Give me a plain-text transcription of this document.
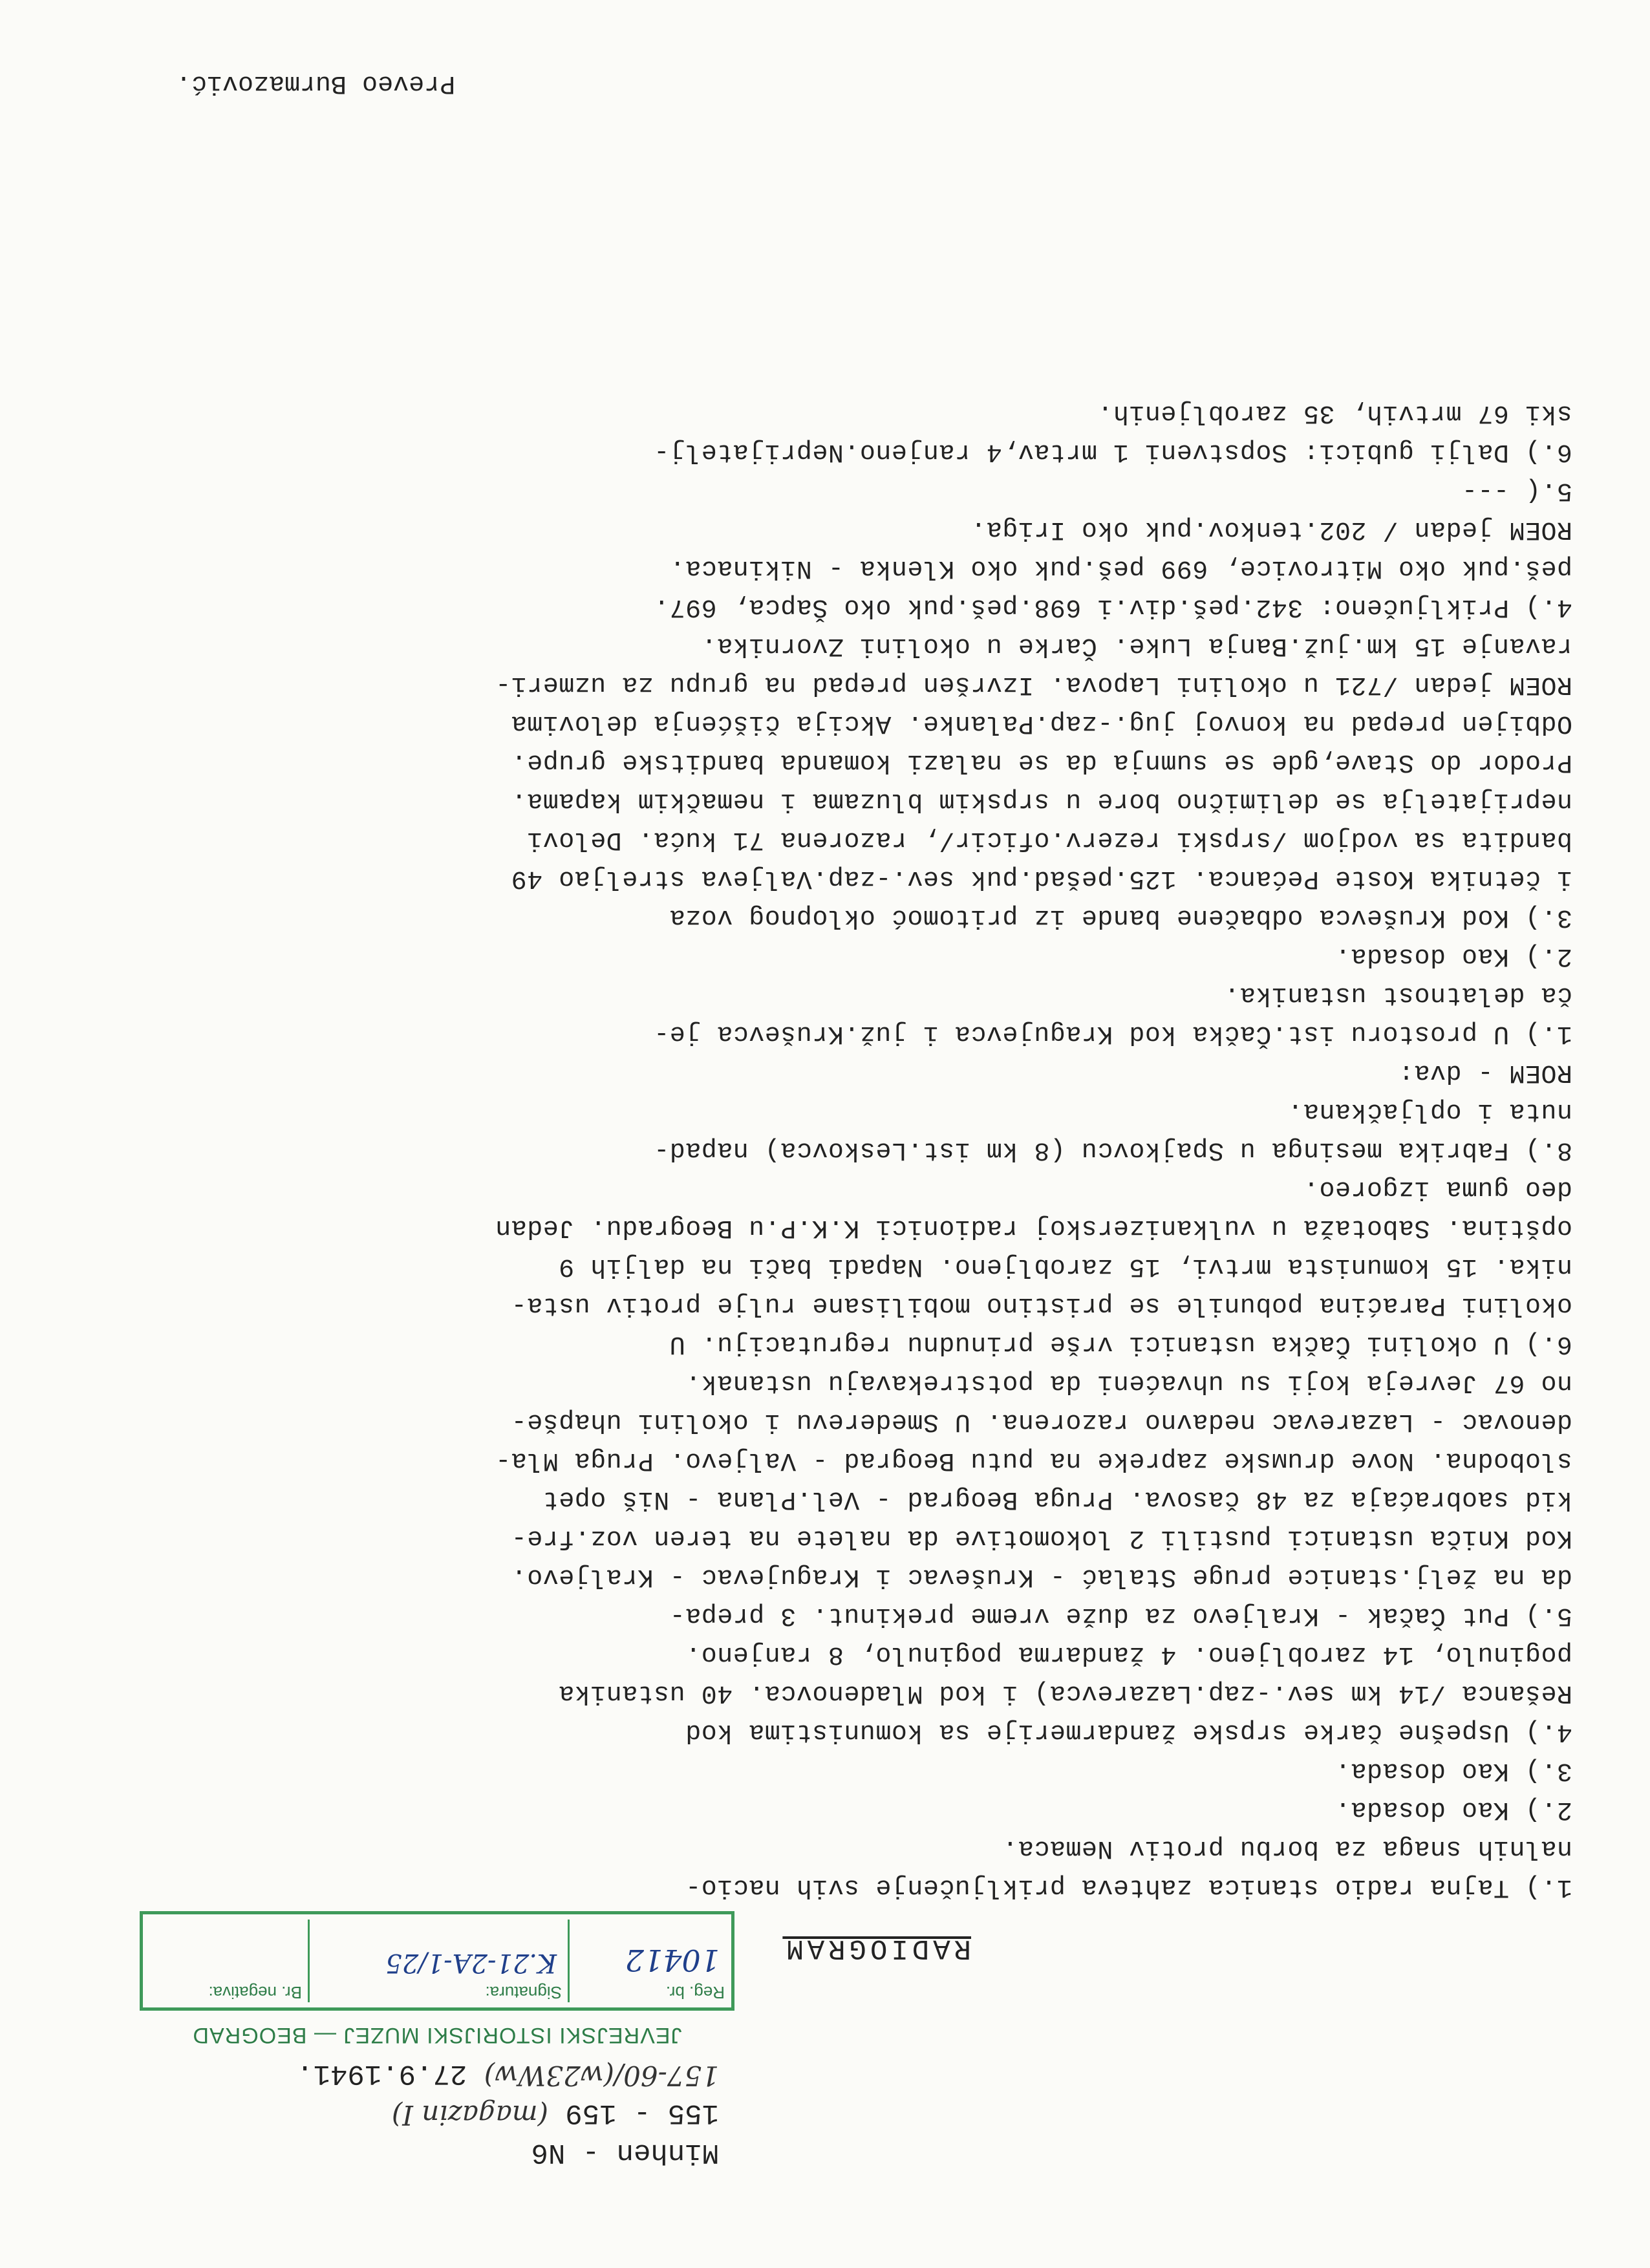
Minhen - N6
155 - 159 (magazin I)
157-60/(w23Ww) 27.9.1941.
JEVREJSKI ISTORIJSKI MUZEJ — BEOGRAD
Reg. br.
10412
Signatura:
K.21-2A-1/25
Br. negativa:
RADIOGRAM
1.) Tajna radio stanica zahteva priključenje svih nacio-
nalnih snaga za borbu protiv Nemaca.
2.) Kao dosada.
3.) Kao dosada.
4.) Uspešne čarke srpske žandarmerije sa komunistima kod
Rešanca /14 km sev.-zap.Lazarevca) i kod Mladenovca. 40 ustanika
poginulo, 14 zarobljeno. 4 žandarma poginulo, 8 ranjeno.
5.) Put Čačak - Kraljevo za duže vreme prekinut. 3 prepa-
da na želj.stanice pruge Stalać - Kruševac i Kragujevac - Kraljevo.
Kod Kniča ustanici pustili 2 lokomotive da nalete na teren voz.fre-
kid saobraćaja za 48 časova. Pruga Beograd - Vel.Plana - Niš opet
slobodna. Nove druмske zaprеke na putu Beograd - Valjevo. Pruga Mla-
denovac - Lazarevac nedavno razorena. U Smederevu i okolini uhapše-
no 67 Jevreja koji su uhvaćeni da potstrekavaju ustanak.
6.) U okolini Čačka ustanici vrše prinudnu regrutaciju. U
okolini Paraćina pobunile se pristino mobilisane rulje protiv usta-
nika. 15 komunista mrtvi, 15 zarobljeno. Napadi bači na daljih 9
opština. Sabotaža u vulkanizerskoj radionici K.K.P.u Beogradu. Jedan
deo guma izgoreo.
8.) Fabrika mesinga u Spajkovcu (8 km ist.Leskovca) napad-
nuta i opljačkana.
ROEM - dva:
1.) U prostoru ist.Čačka kod Kragujevca i juž.Kruševca je-
ča delatnost ustanika.
2.) Kao dosada.
3.) Kod Kruševca odbačene bande iz pritomoć oklopnog voza
i četnika Koste Pećanca. 125.pešad.puk sev.-zap.Valjeva streljao 49
bandita sa vodjom /srpski rezerv.oficir/, razorena 71 kuća. Delovi
neprijatelja se delimično bore u srpskim bluzama i nemačkim kapama.
Prodor do Stave,gde se sumnja da se nalazi komanda banditske grupe.
Odbijen prepad na konvoj jug.-zap.Palanke. Akcija čišćenja delovima
ROEM jedan /721 u okolini Lapova. Izvršen prepad na grupu za uzmeri-
ravanje 15 km.juž.Banja Luke. Čarke u okolini Zvornika.
4.) Priključeno: 342.peš.div.i 698.peš.puk oko Šapca, 697.
peš.puk oko Mitrovice, 699 peš.puk oko Klenka - Nikinaca.
ROEM jedan / 202.tenkov.puk oko Iriga.
5.( ---
6.) Dalji gubici: Sopstveni 1 mrtav,4 ranjeno.Neprijatelj-
ski 67 mrtvih, 35 zarobljenih.

Prevео Burmazović.
